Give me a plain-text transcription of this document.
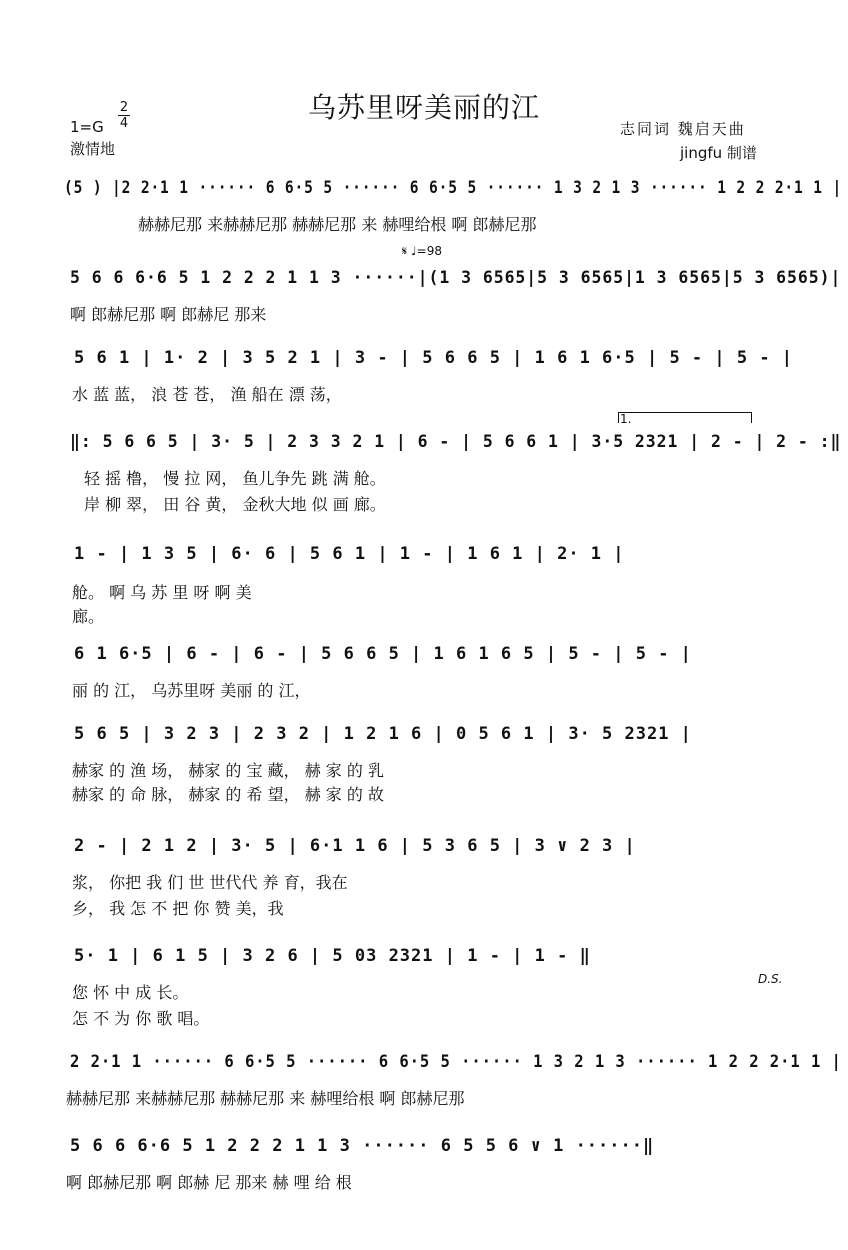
乌苏里呀美丽的江
1=G
2
4
激情地
志同词 魏启天曲
jingfu 制谱
(5 ) |2 2·1 1 ······ 6 6·5 5 ······ 6 6·5 5 ······ 1 3 2 1 3 ······ 1 2 2 2·1 1 |
赫赫尼那 来赫赫尼那 赫赫尼那 来 赫哩给根 啊 郎赫尼那
𝄋 ♩=98
5 6 6 6·6 5 1 2 2 2 1 1 3 ······|(1 3 6565|5 3 6565|1 3 6565|5 3 6565)|
啊 郎赫尼那 啊 郎赫尼 那来
5 6 1 | 1· 2 | 3 5 2 1 | 3 - | 5 6 6 5 | 1 6 1 6·5 | 5 - | 5 - |
水 蓝 蓝， 浪 苍 苍， 渔 船在 漂 荡，
1.
‖: 5 6 6 5 | 3· 5 | 2 3 3 2 1 | 6 - | 5 6 6 1 | 3·5 2321 | 2 - | 2 - :‖
轻 摇 橹， 慢 拉 网， 鱼儿争先 跳 满 舱。
岸 柳 翠， 田 谷 黄， 金秋大地 似 画 廊。
1 - | 1 3 5 | 6· 6 | 5 6 1 | 1 - | 1 6 1 | 2· 1 |
舱。 啊 乌 苏 里 呀 啊 美
廊。
6 1 6·5 | 6 - | 6 - | 5 6 6 5 | 1 6 1 6 5 | 5 - | 5 - |
丽 的 江， 乌苏里呀 美丽 的 江，
5 6 5 | 3 2 3 | 2 3 2 | 1 2 1 6 | 0 5 6 1 | 3· 5 2321 |
赫家 的 渔 场， 赫家 的 宝 藏， 赫 家 的 乳
赫家 的 命 脉， 赫家 的 希 望， 赫 家 的 故
2 - | 2 1 2 | 3· 5 | 6·1 1 6 | 5 3 6 5 | 3 ∨ 2 3 |
浆， 你把 我 们 世 世代代 养 育，我在
乡， 我 怎 不 把 你 赞 美，我
5· 1 | 6 1 5 | 3 2 6 | 5 03 2321 | 1 - | 1 - ‖
D.S.
您 怀 中 成 长。
怎 不 为 你 歌 唱。
2 2·1 1 ······ 6 6·5 5 ······ 6 6·5 5 ······ 1 3 2 1 3 ······ 1 2 2 2·1 1 |
赫赫尼那 来赫赫尼那 赫赫尼那 来 赫哩给根 啊 郎赫尼那
5 6 6 6·6 5 1 2 2 2 1 1 3 ······ 6 5 5 6 ∨ 1 ······‖
啊 郎赫尼那 啊 郎赫 尼 那来 赫 哩 给 根
